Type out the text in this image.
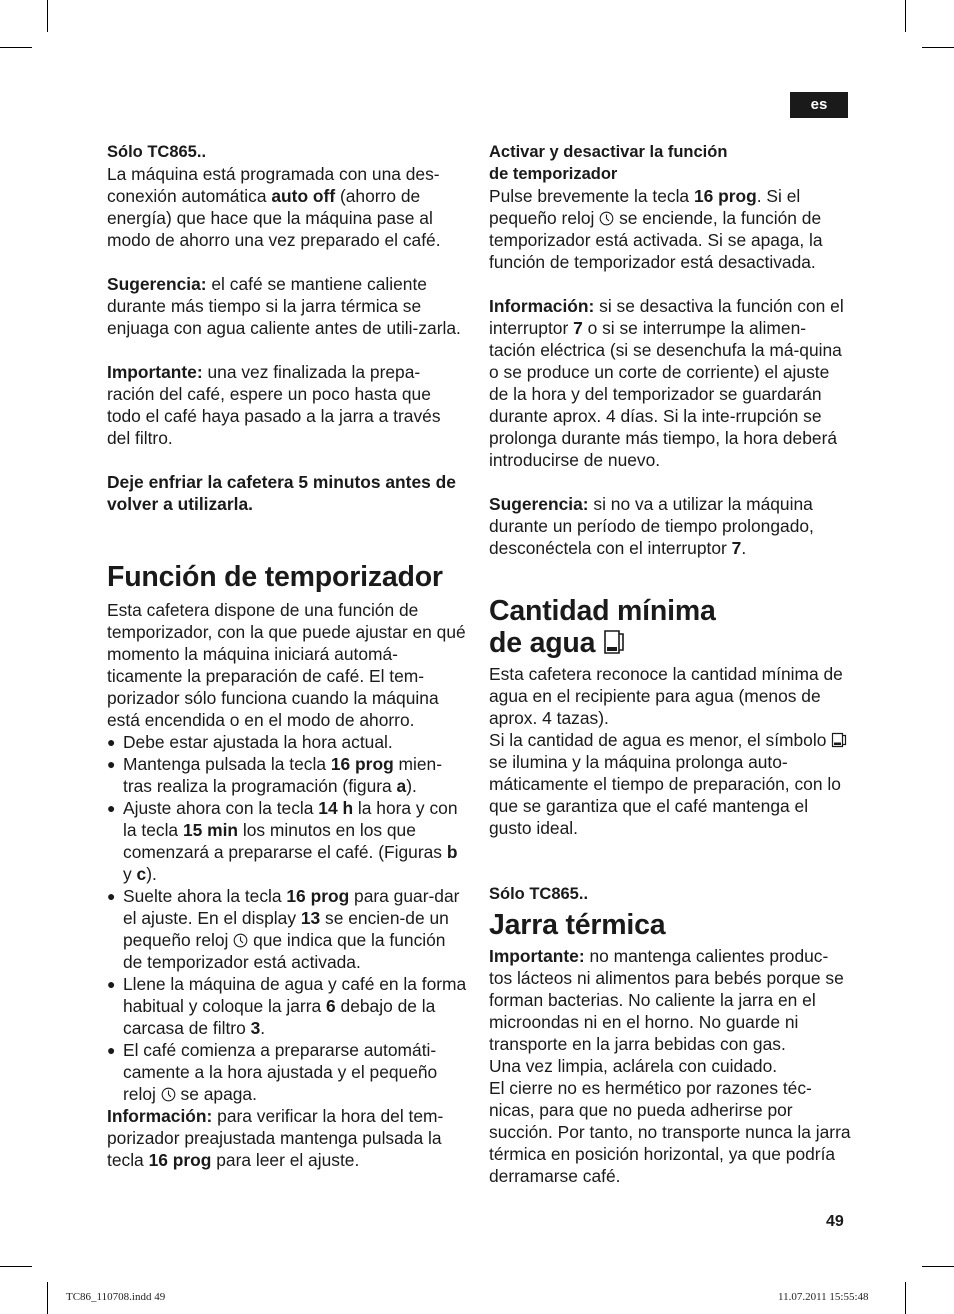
es

Sólo TC865..

La máquina está programada con una des-conexión automática auto off (ahorro de energía) que hace que la máquina pase al modo de ahorro una vez preparado el café.

Sugerencia: el café se mantiene caliente durante más tiempo si la jarra térmica se enjuaga con agua caliente antes de utili-zarla.

Importante: una vez finalizada la prepa-ración del café, espere un poco hasta que todo el café haya pasado a la jarra a través del filtro.

Deje enfriar la cafetera 5 minutos antes de volver a utilizarla.

Función de temporizador

Esta cafetera dispone de una función de temporizador, con la que puede ajustar en qué momento la máquina iniciará automá-ticamente la preparación de café. El tem-porizador sólo funciona cuando la máquina está encendida o en el modo de ahorro.

● Debe estar ajustada la hora actual.
● Mantenga pulsada la tecla 16 prog mien-tras realiza la programación (figura a).
● Ajuste ahora con la tecla 14 h la hora y con la tecla 15 min los minutos en los que comenzará a prepararse el café. (Figuras b y c).
● Suelte ahora la tecla 16 prog para guar-dar el ajuste. En el display 13 se encien-de un pequeño reloj  que indica que la función de temporizador está activada.
● Llene la máquina de agua y café en la forma habitual y coloque la jarra 6 debajo de la carcasa de filtro 3.
● El café comienza a prepararse automáti-camente a la hora ajustada y el pequeño reloj  se apaga.

Información: para verificar la hora del tem-porizador preajustada mantenga pulsada la tecla 16 prog para leer el ajuste.

Activar y desactivar la función
de temporizador

Pulse brevemente la tecla 16 prog. Si el pequeño reloj  se enciende, la función de temporizador está activada. Si se apaga, la función de temporizador está desactivada.

Información: si se desactiva la función con el interruptor 7 o si se interrumpe la alimen-tación eléctrica (si se desenchufa la má-quina o se produce un corte de corriente) el ajuste de la hora y del temporizador se guardarán durante aprox. 4 días. Si la inte-rrupción se prolonga durante más tiempo, la hora deberá introducirse de nuevo.

Sugerencia: si no va a utilizar la máquina durante un período de tiempo prolongado, desconéctela con el interruptor 7.

Cantidad mínima
de agua

Esta cafetera reconoce la cantidad mínima de agua en el recipiente para agua (menos de aprox. 4 tazas).

Si la cantidad de agua es menor, el símbolo  se ilumina y la máquina prolonga auto-máticamente el tiempo de preparación, con lo que se garantiza que el café mantenga el gusto ideal.

Sólo TC865..

Jarra térmica

Importante: no mantenga calientes produc-tos lácteos ni alimentos para bebés porque se forman bacterias. No caliente la jarra en el microondas ni en el horno. No guarde ni transporte en la jarra bebidas con gas.

Una vez limpia, aclárela con cuidado.

El cierre no es hermético por razones téc-nicas, para que no pueda adherirse por succión. Por tanto, no transporte nunca la jarra térmica en posición horizontal, ya que podría derramarse café.

49
TC86_110708.indd 49	11.07.2011 15:55:48
